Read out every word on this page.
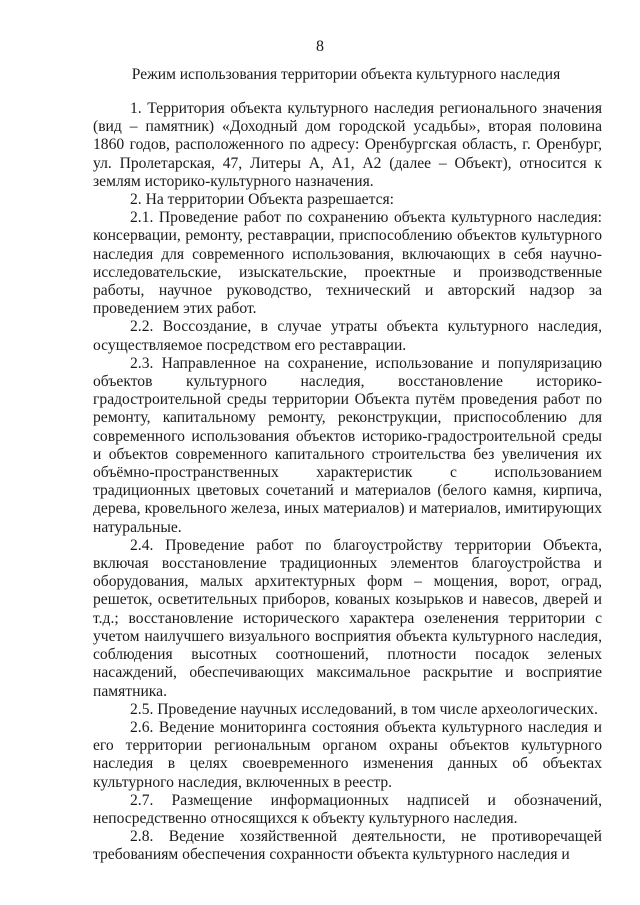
8
Режим использования территории объекта культурного наследия

1. Территория объекта культурного наследия регионального значения (вид – памятник) «Доходный дом городской усадьбы», вторая половина 1860 годов, расположенного по адресу: Оренбургская область, г. Оренбург, ул. Пролетарская, 47, Литеры А, А1, А2 (далее – Объект), относится к землям историко-культурного назначения.

2. На территории Объекта разрешается:

2.1. Проведение работ по сохранению объекта культурного наследия: консервации, ремонту, реставрации, приспособлению объектов культурного наследия для современного использования, включающих в себя научно-исследовательские, изыскательские, проектные и производственные работы, научное руководство, технический и авторский надзор за проведением этих работ.

2.2. Воссоздание, в случае утраты объекта культурного наследия, осуществляемое посредством его реставрации.

2.3. Направленное на сохранение, использование и популяризацию объектов культурного наследия, восстановление историко-градостроительной среды территории Объекта путём проведения работ по ремонту, капитальному ремонту, реконструкции, приспособлению для современного использования объектов историко-градостроительной среды и объектов современного капитального строительства без увеличения их объёмно-пространственных характеристик с использованием традиционных цветовых сочетаний и материалов (белого камня, кирпича, дерева, кровельного железа, иных материалов) и материалов, имитирующих натуральные.

2.4. Проведение работ по благоустройству территории Объекта, включая восстановление традиционных элементов благоустройства и оборудования, малых архитектурных форм – мощения, ворот, оград, решеток, осветительных приборов, кованых козырьков и навесов, дверей и т.д.; восстановление исторического характера озеленения территории с учетом наилучшего визуального восприятия объекта культурного наследия, соблюдения высотных соотношений, плотности посадок зеленых насаждений, обеспечивающих максимальное раскрытие и восприятие памятника.

2.5. Проведение научных исследований, в том числе археологических.

2.6. Ведение мониторинга состояния объекта культурного наследия и его территории региональным органом охраны объектов культурного наследия в целях своевременного изменения данных об объектах культурного наследия, включенных в реестр.

2.7. Размещение информационных надписей и обозначений, непосредственно относящихся к объекту культурного наследия.

2.8. Ведение хозяйственной деятельности, не противоречащей требованиям обеспечения сохранности объекта культурного наследия и
